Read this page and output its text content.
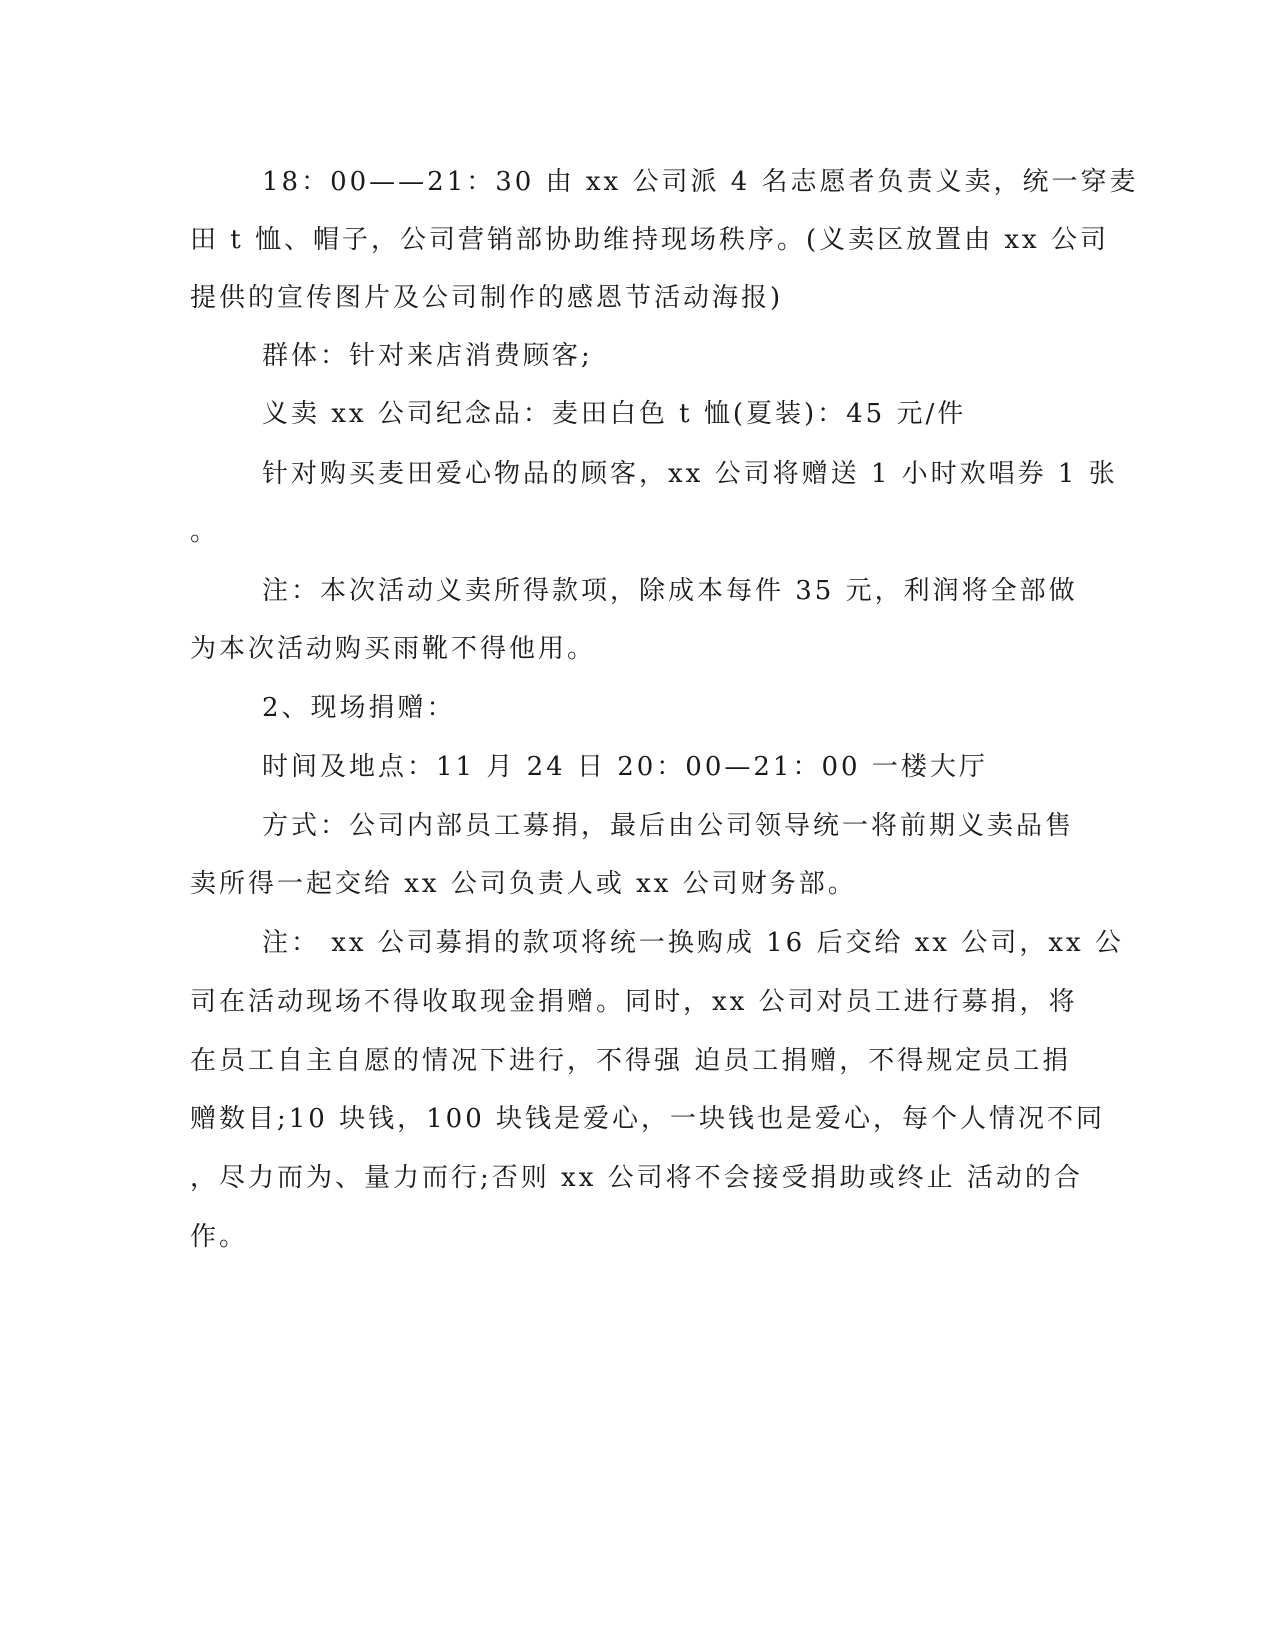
18：00——21：30 由 xx 公司派 4 名志愿者负责义卖，统一穿麦
田 t 恤、帽子，公司营销部协助维持现场秩序。(义卖区放置由 xx 公司
提供的宣传图片及公司制作的感恩节活动海报)
群体：针对来店消费顾客;
义卖 xx 公司纪念品：麦田白色 t 恤(夏装)：45 元/件
针对购买麦田爱心物品的顾客，xx 公司将赠送 1 小时欢唱券 1 张
。
注：本次活动义卖所得款项，除成本每件 35 元，利润将全部做
为本次活动购买雨靴不得他用。
2、现场捐赠：
时间及地点：11 月 24 日 20：00—21：00 一楼大厅
方式：公司内部员工募捐，最后由公司领导统一将前期义卖品售
卖所得一起交给 xx 公司负责人或 xx 公司财务部。
注： xx 公司募捐的款项将统一换购成 16 后交给 xx 公司，xx 公
司在活动现场不得收取现金捐赠。同时，xx 公司对员工进行募捐，将
在员工自主自愿的情况下进行，不得强 迫员工捐赠，不得规定员工捐
赠数目;10 块钱，100 块钱是爱心，一块钱也是爱心，每个人情况不同
，尽力而为、量力而行;否则 xx 公司将不会接受捐助或终止 活动的合
作。
